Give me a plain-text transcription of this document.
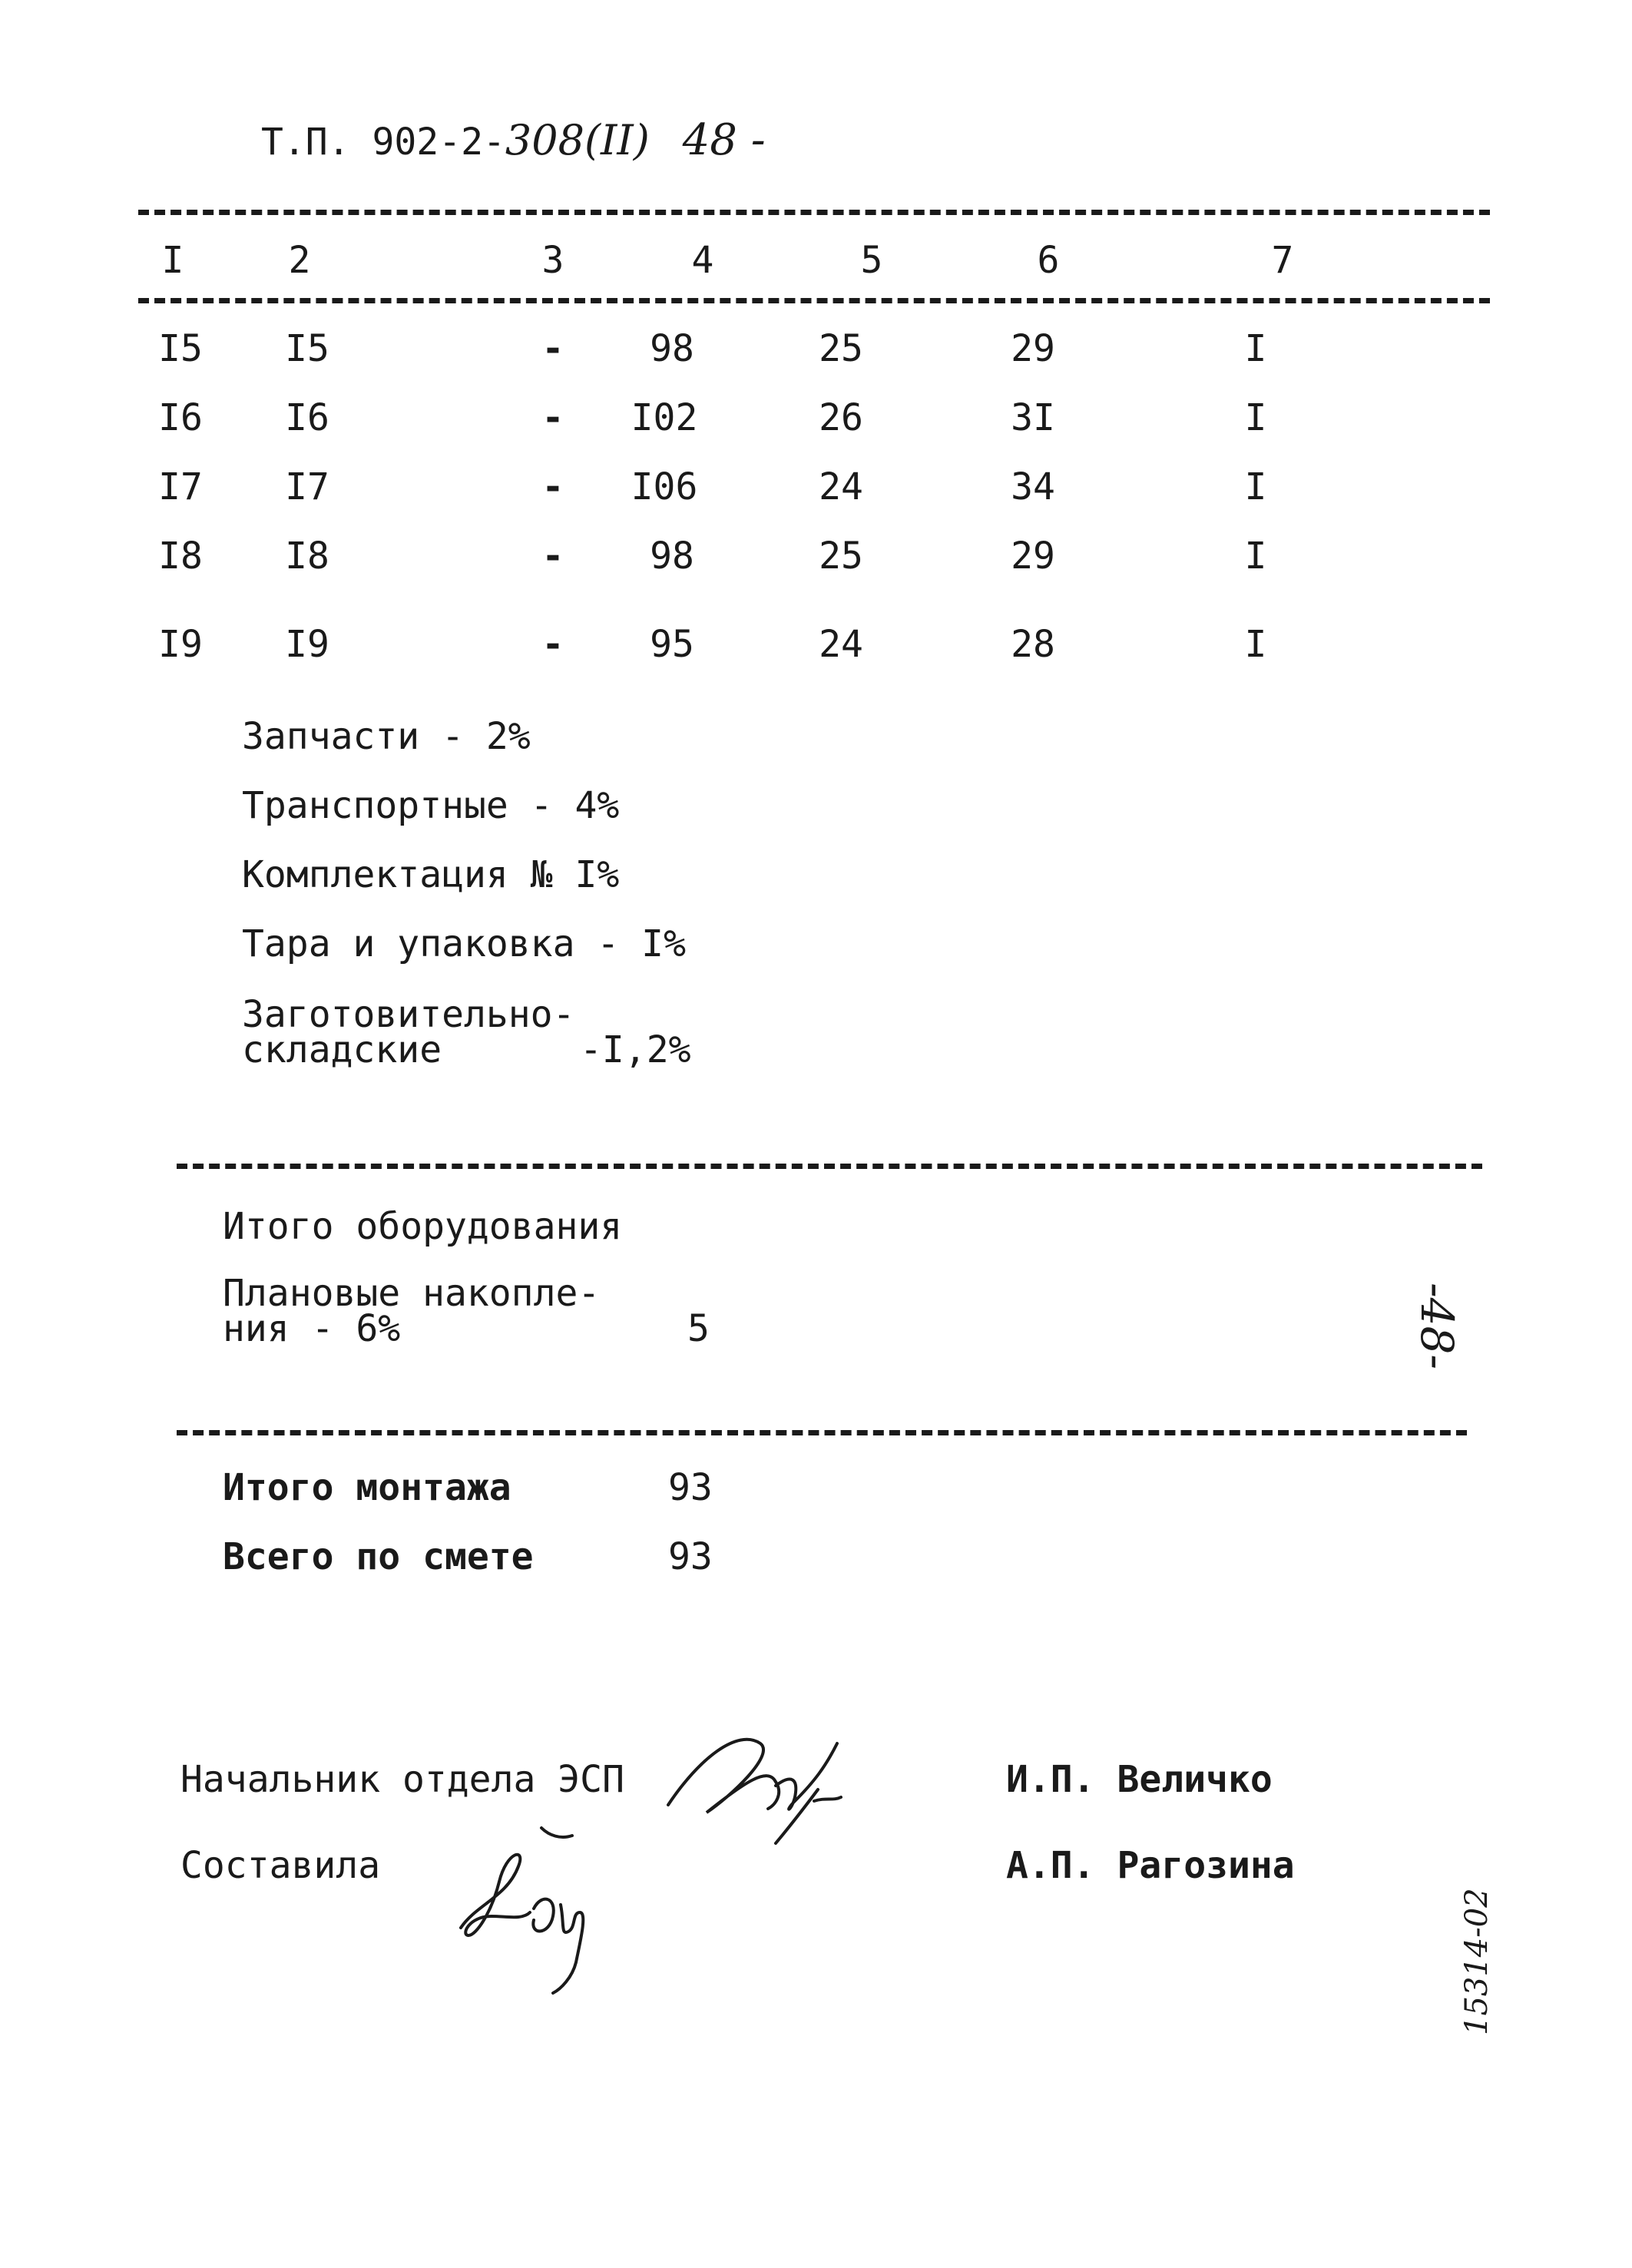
Т.П. 902-2-308(II) 48 -
I	2	3	4	5	6	7
I5	I5	-	98	25	29	I
I6	I6	-	I02	26	3I	I
I7	I7	-	I06	24	34	I
I8	I8	-	98	25	29	I
I9	I9	-	95	24	28	I
Запчасти - 2%
Транспортные - 4%
Комплектация № I%
Тара и упаковка - I%
Заготовительно-
складские	-I,2%
Итого оборудования
Плановые накопле-
ния - 6%	5
Итого монтажа	93
Всего по смете	93
Начальник отдела ЭСП	И.П. Величко
Составила	А.П. Рагозина
-48-
15314-02
